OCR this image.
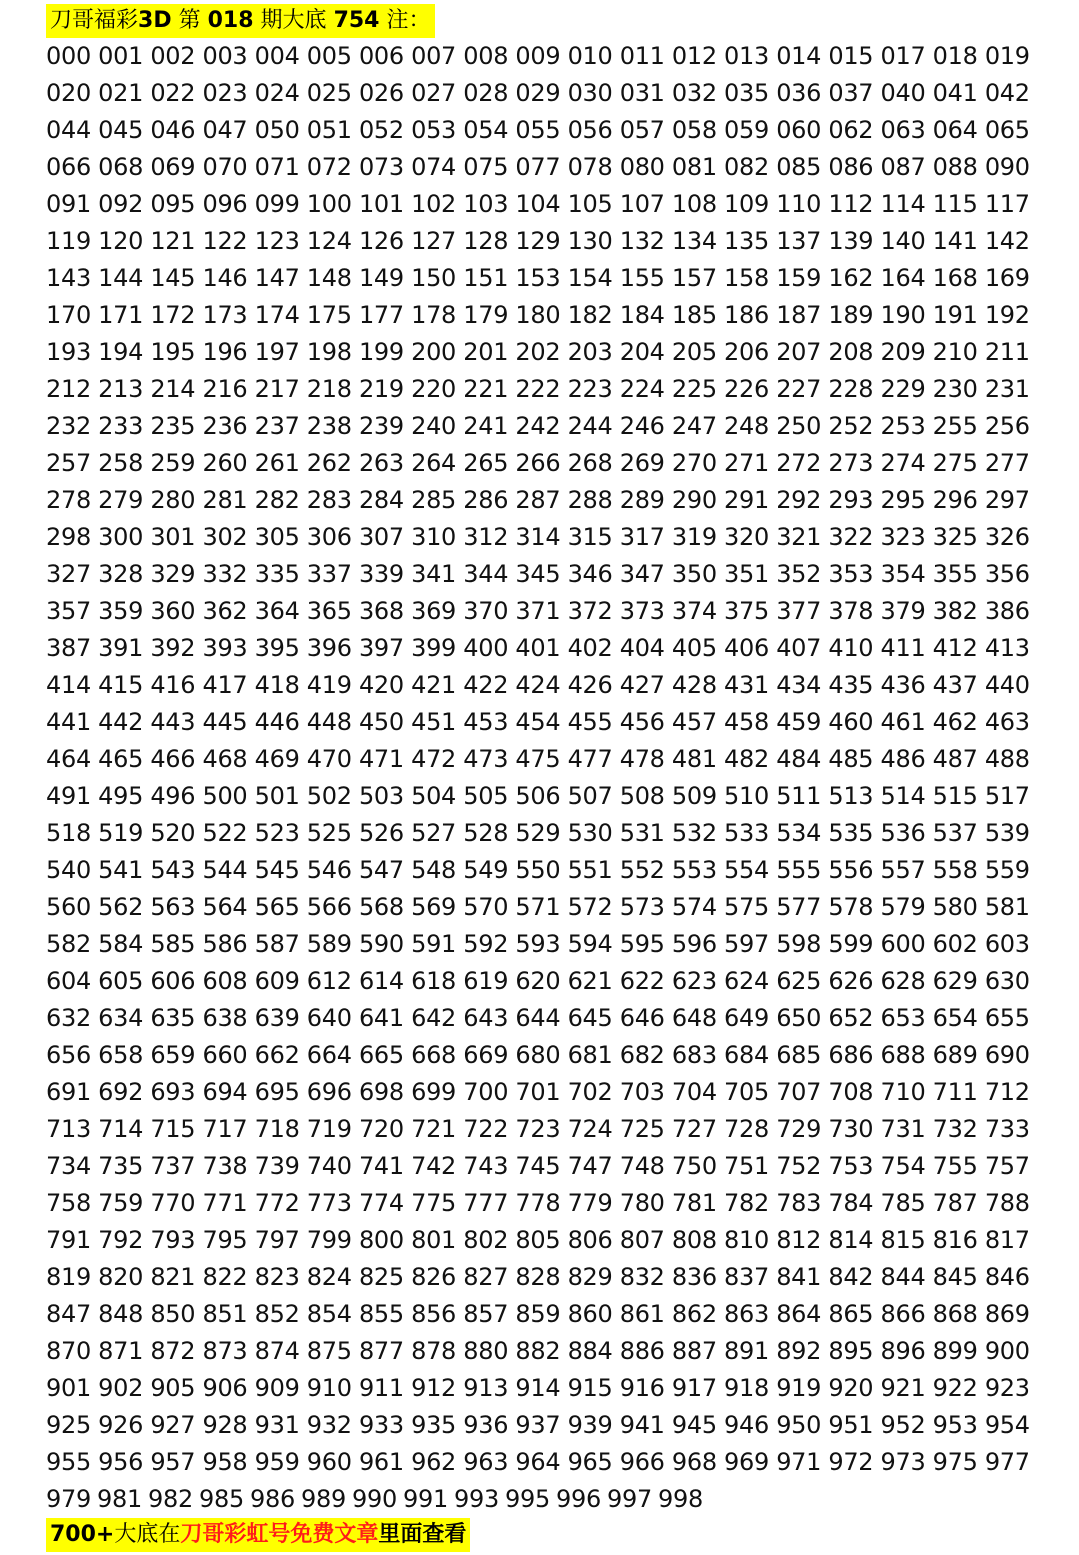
刀哥福彩3D 第 018 期大底 754 注：
000 001 002 003 004 005 006 007 008 009 010 011 012 013 014 015 017 018 019
020 021 022 023 024 025 026 027 028 029 030 031 032 035 036 037 040 041 042
044 045 046 047 050 051 052 053 054 055 056 057 058 059 060 062 063 064 065
066 068 069 070 071 072 073 074 075 077 078 080 081 082 085 086 087 088 090
091 092 095 096 099 100 101 102 103 104 105 107 108 109 110 112 114 115 117
119 120 121 122 123 124 126 127 128 129 130 132 134 135 137 139 140 141 142
143 144 145 146 147 148 149 150 151 153 154 155 157 158 159 162 164 168 169
170 171 172 173 174 175 177 178 179 180 182 184 185 186 187 189 190 191 192
193 194 195 196 197 198 199 200 201 202 203 204 205 206 207 208 209 210 211
212 213 214 216 217 218 219 220 221 222 223 224 225 226 227 228 229 230 231
232 233 235 236 237 238 239 240 241 242 244 246 247 248 250 252 253 255 256
257 258 259 260 261 262 263 264 265 266 268 269 270 271 272 273 274 275 277
278 279 280 281 282 283 284 285 286 287 288 289 290 291 292 293 295 296 297
298 300 301 302 305 306 307 310 312 314 315 317 319 320 321 322 323 325 326
327 328 329 332 335 337 339 341 344 345 346 347 350 351 352 353 354 355 356
357 359 360 362 364 365 368 369 370 371 372 373 374 375 377 378 379 382 386
387 391 392 393 395 396 397 399 400 401 402 404 405 406 407 410 411 412 413
414 415 416 417 418 419 420 421 422 424 426 427 428 431 434 435 436 437 440
441 442 443 445 446 448 450 451 453 454 455 456 457 458 459 460 461 462 463
464 465 466 468 469 470 471 472 473 475 477 478 481 482 484 485 486 487 488
491 495 496 500 501 502 503 504 505 506 507 508 509 510 511 513 514 515 517
518 519 520 522 523 525 526 527 528 529 530 531 532 533 534 535 536 537 539
540 541 543 544 545 546 547 548 549 550 551 552 553 554 555 556 557 558 559
560 562 563 564 565 566 568 569 570 571 572 573 574 575 577 578 579 580 581
582 584 585 586 587 589 590 591 592 593 594 595 596 597 598 599 600 602 603
604 605 606 608 609 612 614 618 619 620 621 622 623 624 625 626 628 629 630
632 634 635 638 639 640 641 642 643 644 645 646 648 649 650 652 653 654 655
656 658 659 660 662 664 665 668 669 680 681 682 683 684 685 686 688 689 690
691 692 693 694 695 696 698 699 700 701 702 703 704 705 707 708 710 711 712
713 714 715 717 718 719 720 721 722 723 724 725 727 728 729 730 731 732 733
734 735 737 738 739 740 741 742 743 745 747 748 750 751 752 753 754 755 757
758 759 770 771 772 773 774 775 777 778 779 780 781 782 783 784 785 787 788
791 792 793 795 797 799 800 801 802 805 806 807 808 810 812 814 815 816 817
819 820 821 822 823 824 825 826 827 828 829 832 836 837 841 842 844 845 846
847 848 850 851 852 854 855 856 857 859 860 861 862 863 864 865 866 868 869
870 871 872 873 874 875 877 878 880 882 884 886 887 891 892 895 896 899 900
901 902 905 906 909 910 911 912 913 914 915 916 917 918 919 920 921 922 923
925 926 927 928 931 932 933 935 936 937 939 941 945 946 950 951 952 953 954
955 956 957 958 959 960 961 962 963 964 965 966 968 969 971 972 973 975 977
979 981 982 985 986 989 990 991 993 995 996 997 998
700+大底在刀哥彩虹号免费文章里面查看
